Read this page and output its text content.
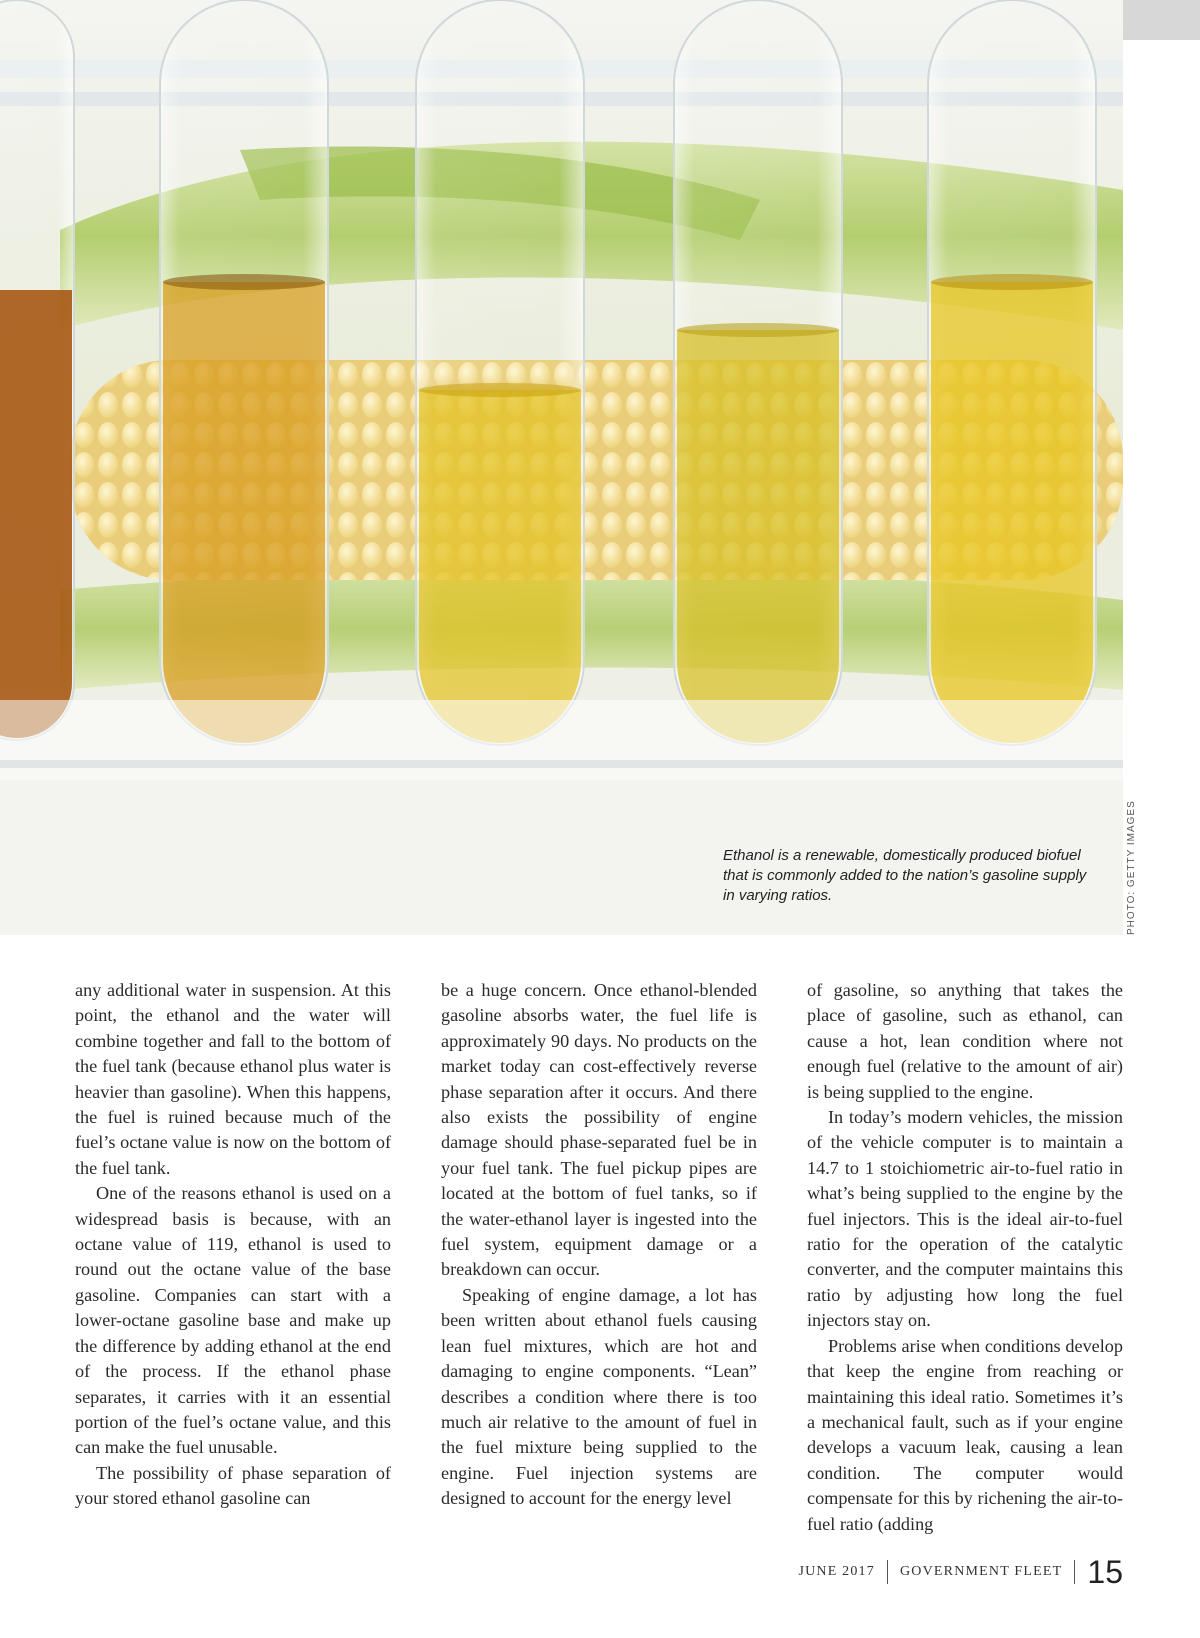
Ethanol is a renewable, domestically produced biofuel that is commonly added to the nation’s gasoline supply in varying ratios.	PHOTO: GETTY IMAGES

any additional water in suspension. At this point, the ethanol and the water will combine together and fall to the bottom of the fuel tank (because ethanol plus water is heavier than gasoline). When this happens, the fuel is ruined because much of the fuel’s octane value is now on the bottom of the fuel tank.

One of the reasons ethanol is used on a widespread basis is because, with an octane value of 119, ethanol is used to round out the octane value of the base gasoline. Companies can start with a lower-octane gasoline base and make up the difference by adding ethanol at the end of the process. If the ethanol phase separates, it carries with it an essential portion of the fuel’s octane value, and this can make the fuel unusable.

The possibility of phase separation of your stored ethanol gasoline can

be a huge concern. Once ethanol-blended gasoline absorbs water, the fuel life is approximately 90 days. No products on the market today can cost-effectively reverse phase separation after it occurs. And there also exists the possibility of engine damage should phase-separated fuel be in your fuel tank. The fuel pickup pipes are located at the bottom of fuel tanks, so if the water-ethanol layer is ingested into the fuel system, equipment damage or a breakdown can occur.

Speaking of engine damage, a lot has been written about ethanol fuels causing lean fuel mixtures, which are hot and damaging to engine components. “Lean” describes a condition where there is too much air relative to the amount of fuel in the fuel mixture being supplied to the engine. Fuel injection systems are designed to account for the energy level

of gasoline, so anything that takes the place of gasoline, such as ethanol, can cause a hot, lean condition where not enough fuel (relative to the amount of air) is being supplied to the engine.

In today’s modern vehicles, the mission of the vehicle computer is to maintain a 14.7 to 1 stoichiometric air-to-fuel ratio in what’s being supplied to the engine by the fuel injectors. This is the ideal air-to-fuel ratio for the operation of the catalytic converter, and the computer maintains this ratio by adjusting how long the fuel injectors stay on.

Problems arise when conditions develop that keep the engine from reaching or maintaining this ideal ratio. Sometimes it’s a mechanical fault, such as if your engine develops a vacuum leak, causing a lean condition. The computer would compensate for this by richening the air-to-fuel ratio (adding

JUNE 2017 GOVERNMENT FLEET 15
